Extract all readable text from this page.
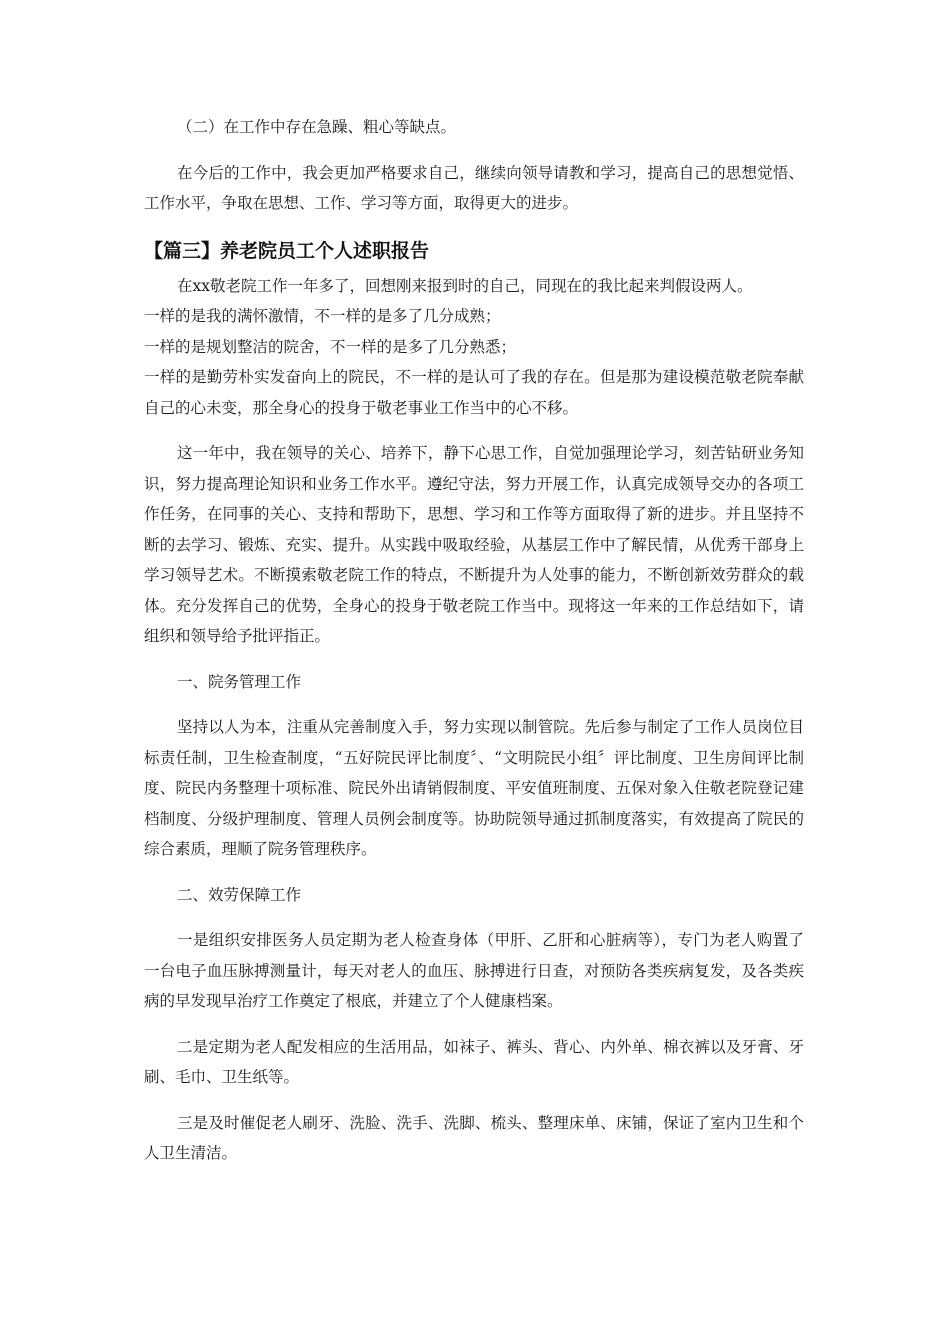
（二）在工作中存在急躁、粗心等缺点。

在今后的工作中，我会更加严格要求自己，继续向领导请教和学习，提高自己的思想觉悟、工作水平，争取在思想、工作、学习等方面，取得更大的进步。

【篇三】养老院员工个人述职报告

在xx敬老院工作一年多了，回想刚来报到时的自己，同现在的我比起来判假设两人。

一样的是我的满怀激情，不一样的是多了几分成熟；

一样的是规划整洁的院舍，不一样的是多了几分熟悉；

一样的是勤劳朴实发奋向上的院民，不一样的是认可了我的存在。但是那为建设模范敬老院奉献自己的心未变，那全身心的投身于敬老事业工作当中的心不移。

这一年中，我在领导的关心、培养下，静下心思工作，自觉加强理论学习，刻苦钻研业务知识，努力提高理论知识和业务工作水平。遵纪守法，努力开展工作，认真完成领导交办的各项工作任务，在同事的关心、支持和帮助下，思想、学习和工作等方面取得了新的进步。并且坚持不断的去学习、锻炼、充实、提升。从实践中吸取经验，从基层工作中了解民情，从优秀干部身上学习领导艺术。不断摸索敬老院工作的特点，不断提升为人处事的能力，不断创新效劳群众的载体。充分发挥自己的优势，全身心的投身于敬老院工作当中。现将这一年来的工作总结如下，请组织和领导给予批评指正。

一、院务管理工作

坚持以人为本，注重从完善制度入手，努力实现以制管院。先后参与制定了工作人员岗位目标责任制，卫生检查制度，“五好院民评比制度〞、“文明院民小组〞评比制度、卫生房间评比制度、院民内务整理十项标准、院民外出请销假制度、平安值班制度、五保对象入住敬老院登记建档制度、分级护理制度、管理人员例会制度等。协助院领导通过抓制度落实，有效提高了院民的综合素质，理顺了院务管理秩序。

二、效劳保障工作

一是组织安排医务人员定期为老人检查身体（甲肝、乙肝和心脏病等），专门为老人购置了一台电子血压脉搏测量计，每天对老人的血压、脉搏进行日查，对预防各类疾病复发，及各类疾病的早发现早治疗工作奠定了根底，并建立了个人健康档案。

二是定期为老人配发相应的生活用品，如袜子、裤头、背心、内外单、棉衣裤以及牙膏、牙刷、毛巾、卫生纸等。

三是及时催促老人刷牙、洗脸、洗手、洗脚、梳头、整理床单、床铺，保证了室内卫生和个人卫生清洁。
